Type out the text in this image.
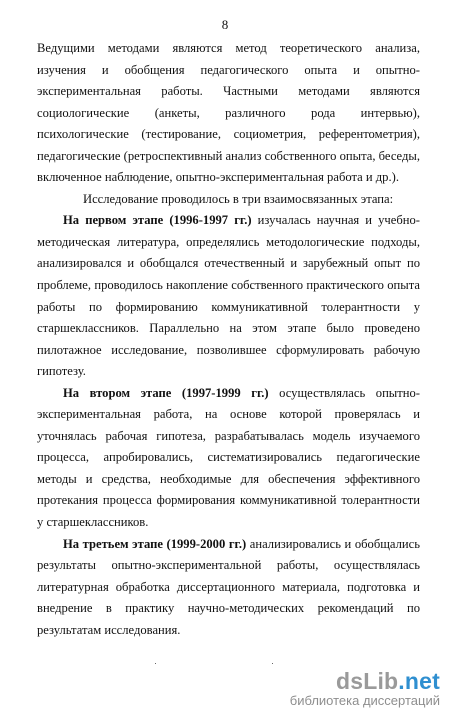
8

Ведущими методами являются метод теоретического анализа, изучения и обобщения педагогического опыта и опытно-экспериментальная работы. Частными методами являются социологические (анкеты, различного рода интервью), психологические (тестирование, социометрия, референтометрия), педагогические (ретроспективный анализ собственного опыта, беседы, включенное наблюдение, опытно-экспериментальная работа и др.).

Исследование проводилось в три взаимосвязанных этапа:

На первом этапе (1996-1997 гг.) изучалась научная и учебно-методическая литература, определялись методологические подходы, анализировался и обобщался отечественный и зарубежный опыт по проблеме, проводилось накопление собственного практического опыта работы по формированию коммуникативной толерантности у старшеклассников. Параллельно на этом этапе было проведено пилотажное исследование, позволившее сформулировать рабочую гипотезу.

На втором этапе (1997-1999 гг.) осуществлялась опытно-экспериментальная работа, на основе которой проверялась и уточнялась рабочая гипотеза, разрабатывалась модель изучаемого процесса, апробировались, систематизировались педагогические методы и средства, необходимые для обеспечения эффективного протекания процесса формирования коммуникативной толерантности у старшеклассников.

На третьем этапе (1999-2000 гг.) анализировались и обобщались результаты опытно-экспериментальной работы, осуществлялась литературная обработка диссертационного материала, подготовка и внедрение в практику научно-методических рекомендаций по результатам исследования.

dsLib.net
библиотека диссертаций
